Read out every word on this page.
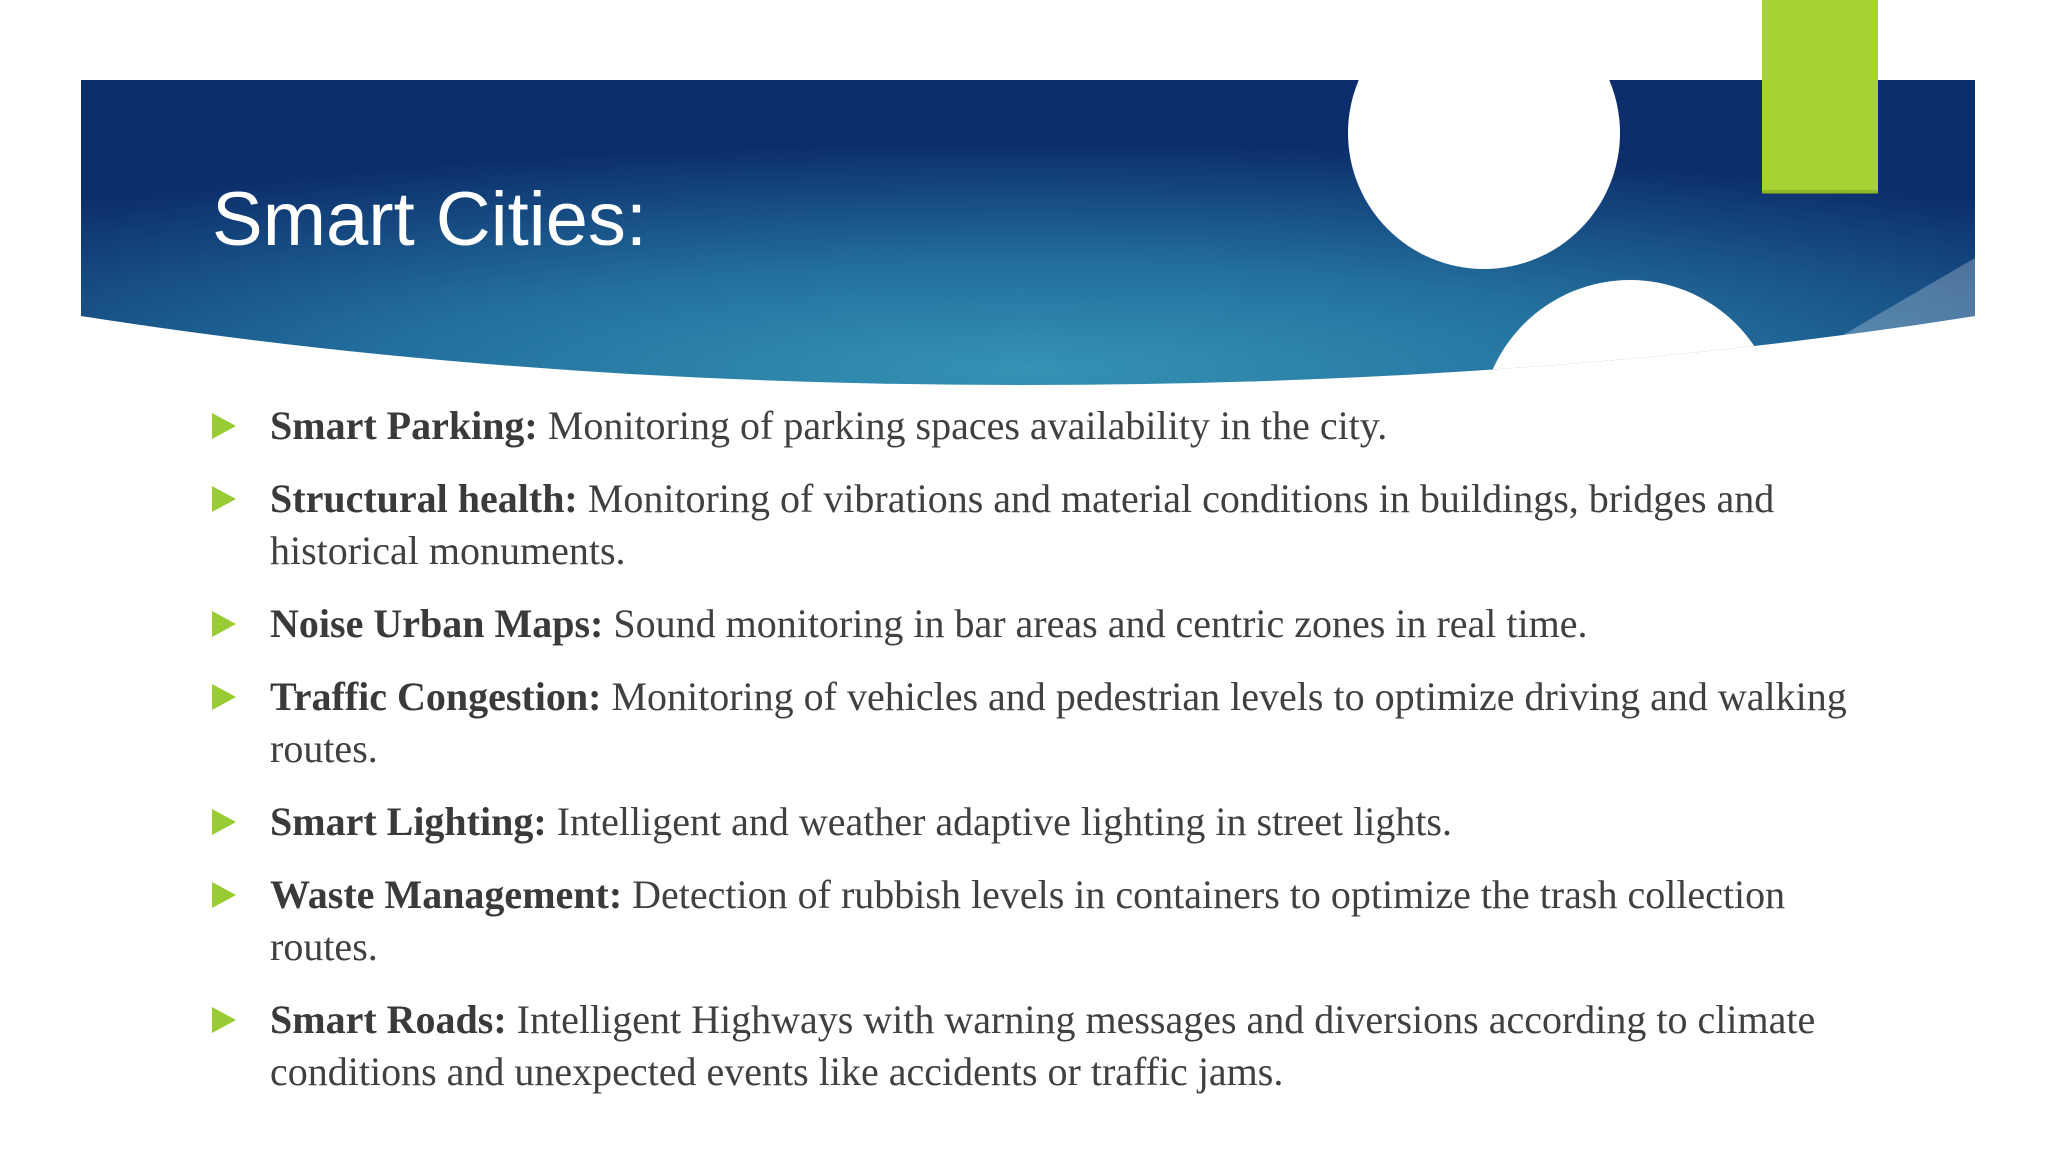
Smart Cities:
Smart Parking: Monitoring of parking spaces availability in the city.
Structural health: Monitoring of vibrations and material conditions in buildings, bridges and historical monuments.
Noise Urban Maps: Sound monitoring in bar areas and centric zones in real time.
Traffic Congestion: Monitoring of vehicles and pedestrian levels to optimize driving and walking routes.
Smart Lighting: Intelligent and weather adaptive lighting in street lights.
Waste Management: Detection of rubbish levels in containers to optimize the trash collection routes.
Smart Roads: Intelligent Highways with warning messages and diversions according to climate conditions and unexpected events like accidents or traffic jams.
